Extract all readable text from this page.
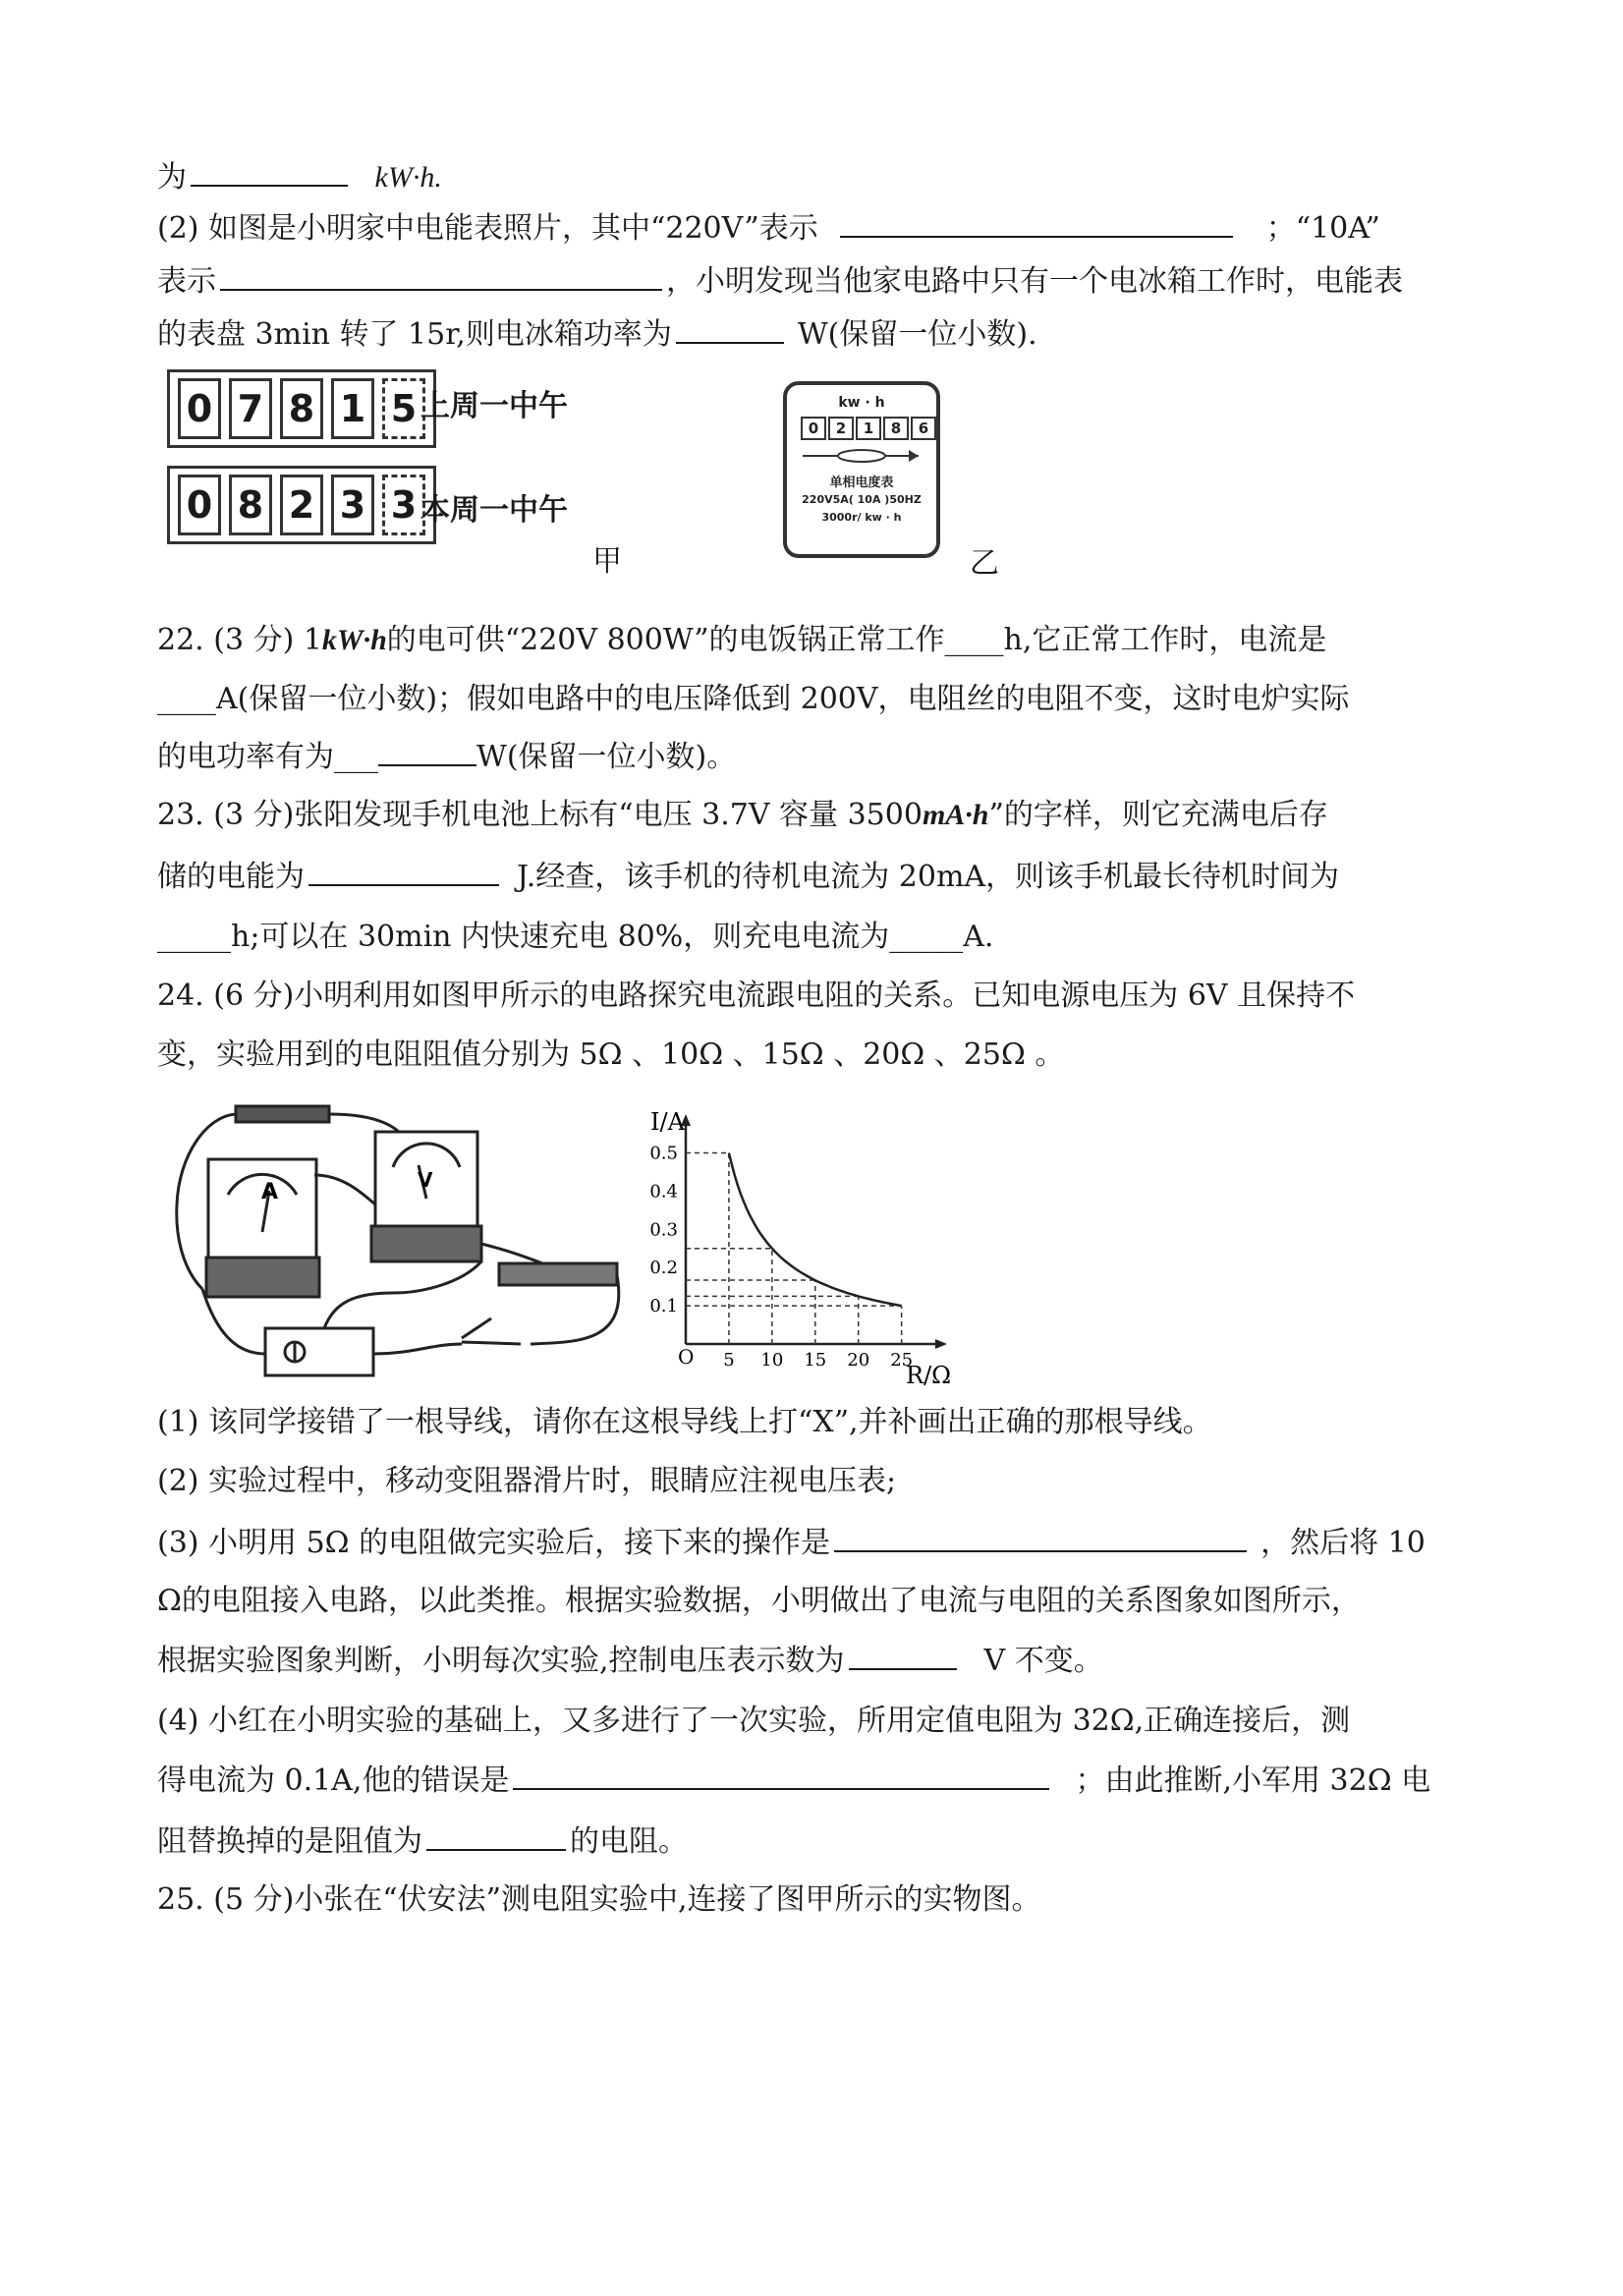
为	kW·h.
(2) 如图是小明家中电能表照片，其中“220V”表示	；“10A”
表示	，小明发现当他家电路中只有一个电冰箱工作时，电能表
的表盘 3min 转了 15r,则电冰箱功率为	W(保留一位小数).
0 7 8 1 5 上周一中午
0 8 2 3 3 本周一中午
甲
kw · h
0	2	1	8	6
单相电度表
220V5A( 10A )50HZ
3000r/ kw · h
乙
22. (3 分) 1kW·h的电可供“220V 800W”的电饭锅正常工作____h,它正常工作时，电流是
____A(保留一位小数)；假如电路中的电压降低到 200V，电阻丝的电阻不变，这时电炉实际
的电功率有为___	W(保留一位小数)。
23. (3 分)张阳发现手机电池上标有“电压 3.7V 容量 3500mA·h”的字样，则它充满电后存
储的电能为	J.经查，该手机的待机电流为 20mA，则该手机最长待机时间为
_____h;可以在 30min 内快速充电 80%，则充电电流为_____A.
24. (6 分)小明利用如图甲所示的电路探究电流跟电阻的关系。已知电源电压为 6V 且保持不
变，实验用到的电阻阻值分别为 5Ω 、10Ω 、15Ω 、20Ω 、25Ω 。
A	V
5 10 15 20 25
0.1
0.2
0.3
0.4
0.5
I/A
R/Ω
O
(1) 该同学接错了一根导线，请你在这根导线上打“X”,并补画出正确的那根导线。
(2) 实验过程中，移动变阻器滑片时，眼睛应注视电压表;
(3) 小明用 5Ω 的电阻做完实验后，接下来的操作是	，然后将 10
Ω的电阻接入电路，以此类推。根据实验数据，小明做出了电流与电阻的关系图象如图所示，
根据实验图象判断，小明每次实验,控制电压表示数为	V 不变。
(4) 小红在小明实验的基础上，又多进行了一次实验，所用定值电阻为 32Ω,正确连接后，测
得电流为 0.1A,他的错误是	；由此推断,小军用 32Ω 电
阻替换掉的是阻值为	的电阻。
25. (5 分)小张在“伏安法”测电阻实验中,连接了图甲所示的实物图。
